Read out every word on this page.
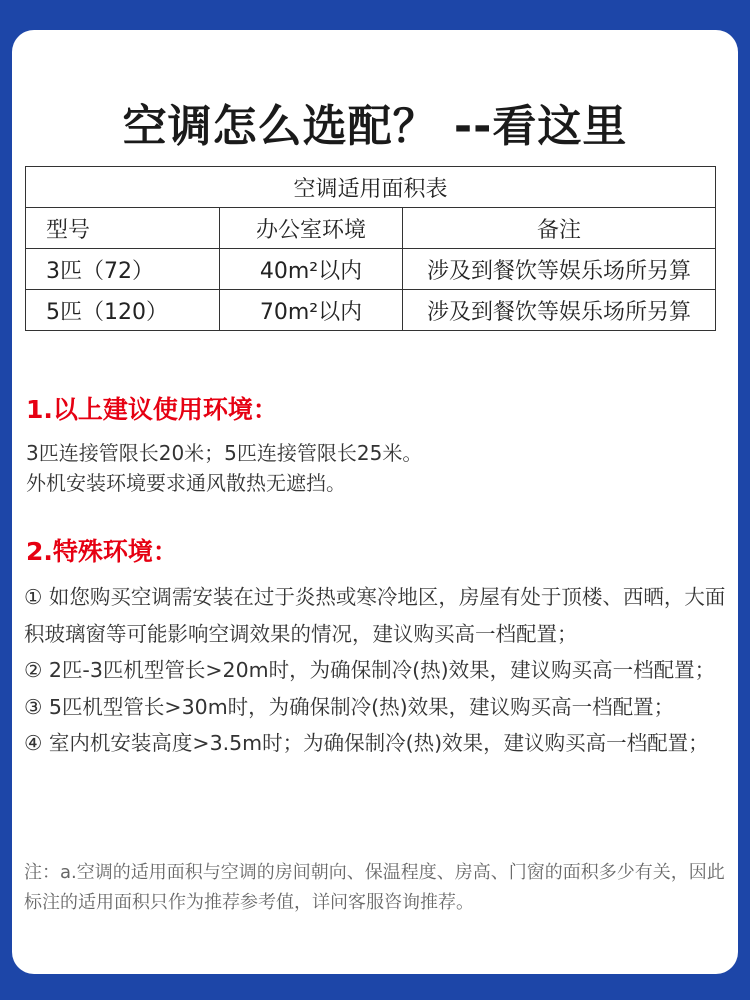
空调怎么选配？ --看这里
空调适用面积表		
型号	办公室环境	备注
3匹（72）	40m²以内	涉及到餐饮等娱乐场所另算
5匹（120）	70m²以内	涉及到餐饮等娱乐场所另算
1.以上建议使用环境：
3匹连接管限长20米；5匹连接管限长25米。
外机安装环境要求通风散热无遮挡。
2.特殊环境：
① 如您购买空调需安装在过于炎热或寒冷地区，房屋有处于顶楼、西晒，大面积玻璃窗等可能影响空调效果的情况，建议购买高一档配置；
② 2匹-3匹机型管长>20m时，为确保制冷(热)效果，建议购买高一档配置；
③ 5匹机型管长>30m时，为确保制冷(热)效果，建议购买高一档配置；
④ 室内机安装高度>3.5m时；为确保制冷(热)效果，建议购买高一档配置；
注：a.空调的适用面积与空调的房间朝向、保温程度、房高、门窗的面积多少有关，因此标注的适用面积只作为推荐参考值，详问客服咨询推荐。
